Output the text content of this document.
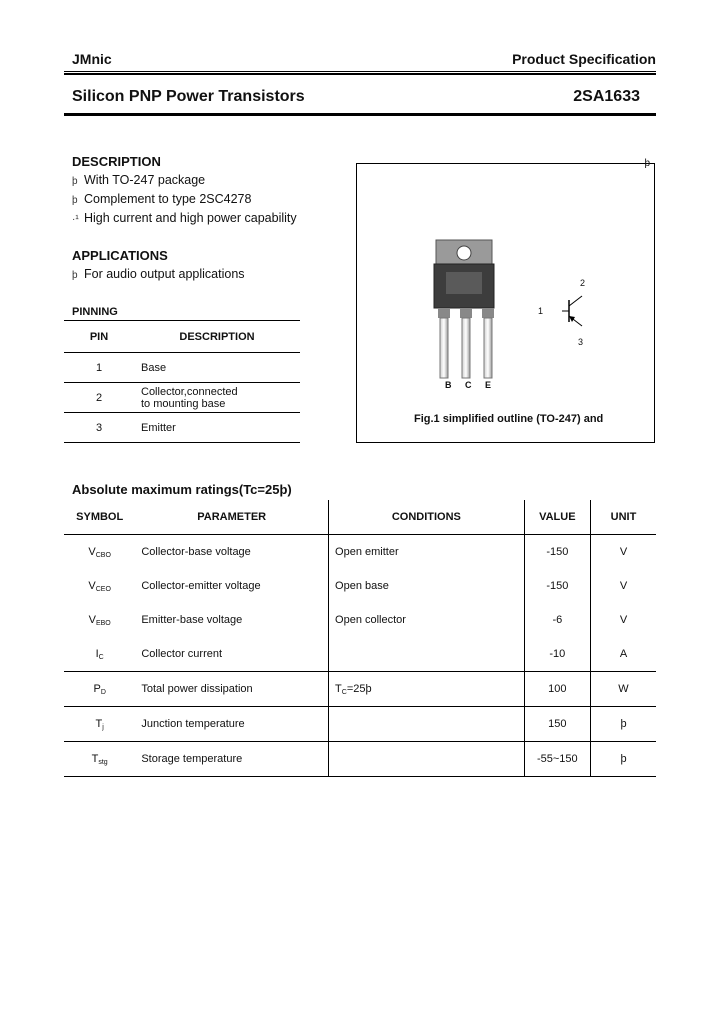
JMnic	Product Specification
Silicon PNP Power Transistors	2SA1633
DESCRIPTION
þ With TO-247 package
þ Complement to type 2SC4278
·¹ High current and high power capability
APPLICATIONS
þ For audio output applications
PINNING
PIN	DESCRIPTION
1	Base
2	Collector,connected to mounting base
3	Emitter
þ
B C E
1
2
3
Fig.1 simplified outline (TO-247) and
Absolute maximum ratings(Tc=25þ)
SYMBOL	PARAMETER	CONDITIONS	VALUE	UNIT
$V_{CBO}$	Collector-base voltage	Open emitter	-150	V
$V_{CEO}$	Collector-emitter voltage	Open base	-150	V
$V_{EBO}$	Emitter-base voltage	Open collector	-6	V
$I_C$	Collector current		-10	A
$P_D$	Total power dissipation	$T_C=25þ$	100	W
$T_j$	Junction temperature		150	þ
$T_{stg}$	Storage temperature		-55~150	þ
